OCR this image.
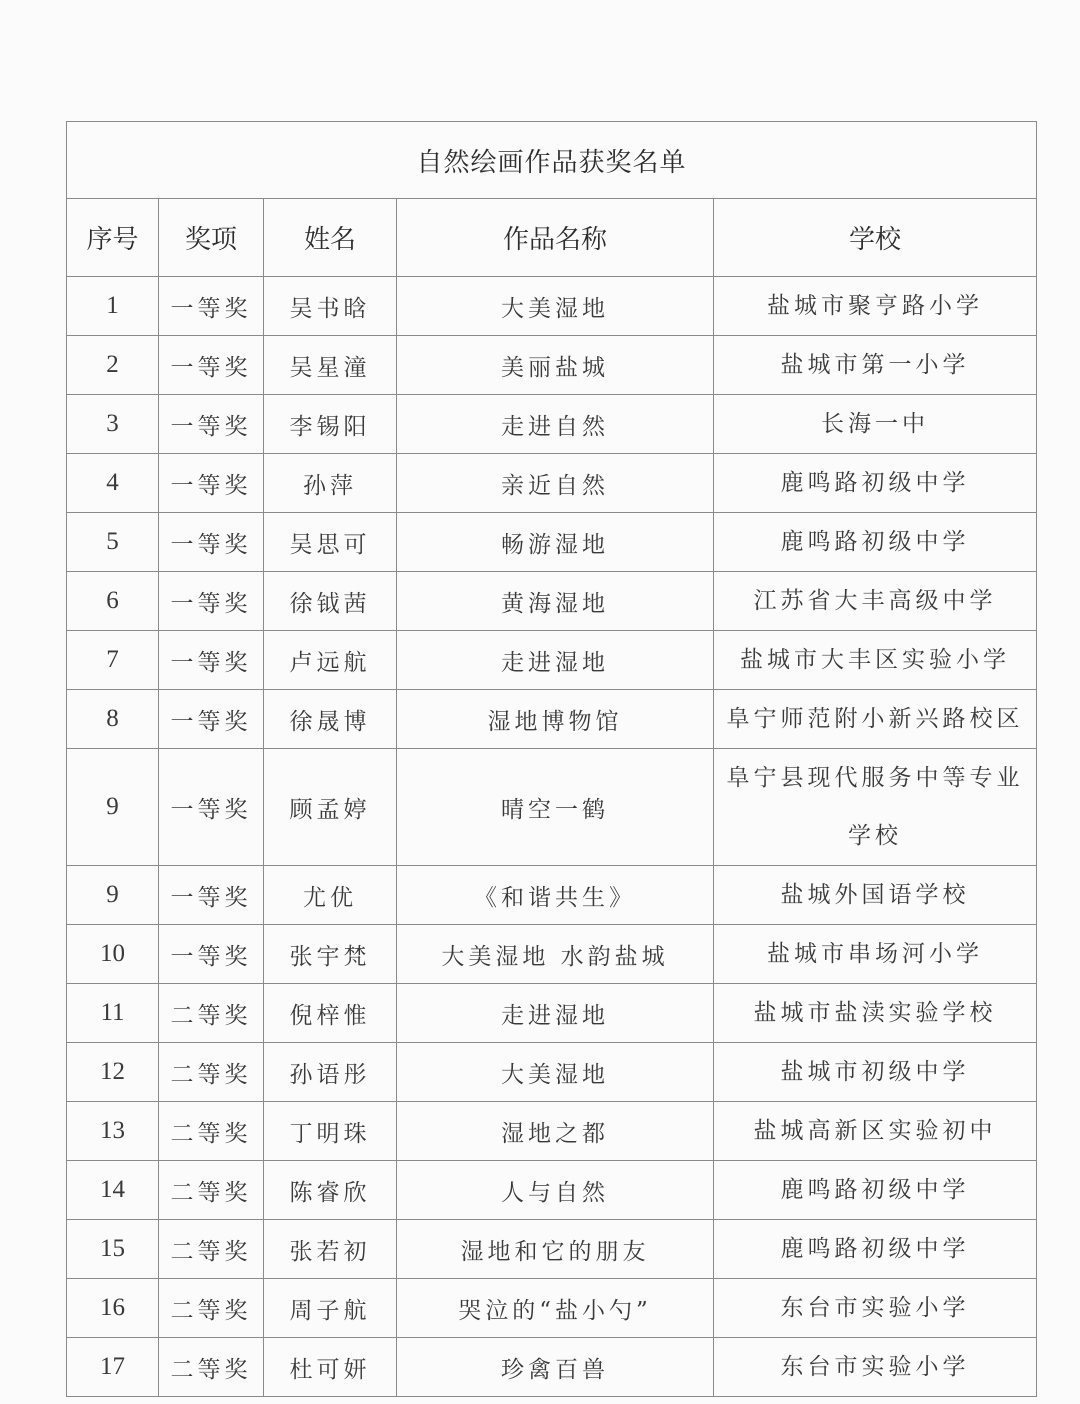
自然绘画作品获奖名单				
序号	奖项	姓名	作品名称	学校
1	一等奖	吴书晗	大美湿地	盐城市聚亨路小学
2	一等奖	吴星潼	美丽盐城	盐城市第一小学
3	一等奖	李锡阳	走进自然	长海一中
4	一等奖	孙萍	亲近自然	鹿鸣路初级中学
5	一等奖	吴思可	畅游湿地	鹿鸣路初级中学
6	一等奖	徐钺茜	黄海湿地	江苏省大丰高级中学
7	一等奖	卢远航	走进湿地	盐城市大丰区实验小学
8	一等奖	徐晟博	湿地博物馆	阜宁师范附小新兴路校区
9	一等奖	顾孟婷	晴空一鹤	阜宁县现代服务中等专业
学校

9	一等奖	尤优	《和谐共生》	盐城外国语学校
10	一等奖	张宇梵	大美湿地 水韵盐城	盐城市串场河小学
11	二等奖	倪梓惟	走进湿地	盐城市盐渎实验学校
12	二等奖	孙语彤	大美湿地	盐城市初级中学
13	二等奖	丁明珠	湿地之都	盐城高新区实验初中
14	二等奖	陈睿欣	人与自然	鹿鸣路初级中学
15	二等奖	张若初	湿地和它的朋友	鹿鸣路初级中学
16	二等奖	周子航	哭泣的“盐小勺”	东台市实验小学
17	二等奖	杜可妍	珍禽百兽	东台市实验小学
